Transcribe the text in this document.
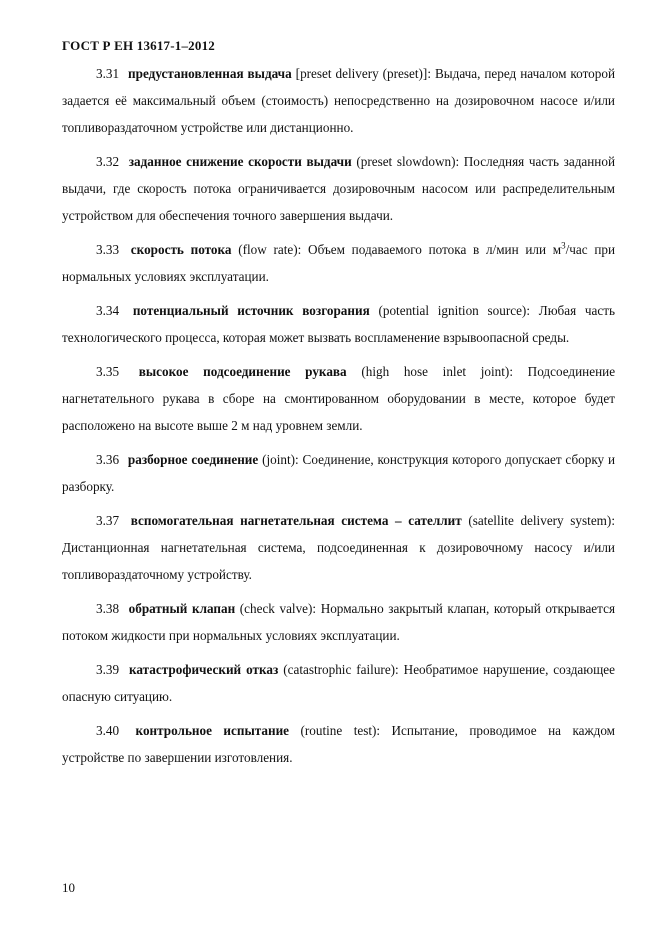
ГОСТ Р ЕН 13617-1–2012

3.31 предустановленная выдача [preset delivery (preset)]: Выдача, перед началом которой задается её максимальный объем (стоимость) непосредственно на дозировочном насосе и/или топливораздаточном устройстве или дистанционно.

3.32 заданное снижение скорости выдачи (preset slowdown): Последняя часть заданной выдачи, где скорость потока ограничивается дозировочным насосом или распределительным устройством для обеспечения точного завершения выдачи.

3.33 скорость потока (flow rate): Объем подаваемого потока в л/мин или $м^3$/час при нормальных условиях эксплуатации.

3.34 потенциальный источник возгорания (potential ignition source): Любая часть технологического процесса, которая может вызвать воспламенение взрывоопасной среды.

3.35 высокое подсоединение рукава (high hose inlet joint): Подсоединение нагнетательного рукава в сборе на смонтированном оборудовании в месте, которое будет расположено на высоте выше 2 м над уровнем земли.

3.36 разборное соединение (joint): Соединение, конструкция которого допускает сборку и разборку.

3.37 вспомогательная нагнетательная система – сателлит (satellite delivery system): Дистанционная нагнетательная система, подсоединенная к дозировочному насосу и/или топливораздаточному устройству.

3.38 обратный клапан (check valve): Нормально закрытый клапан, который открывается потоком жидкости при нормальных условиях эксплуатации.

3.39 катастрофический отказ (catastrophic failure): Необратимое нарушение, создающее опасную ситуацию.

3.40 контрольное испытание (routine test): Испытание, проводимое на каждом устройстве по завершении изготовления.

10
